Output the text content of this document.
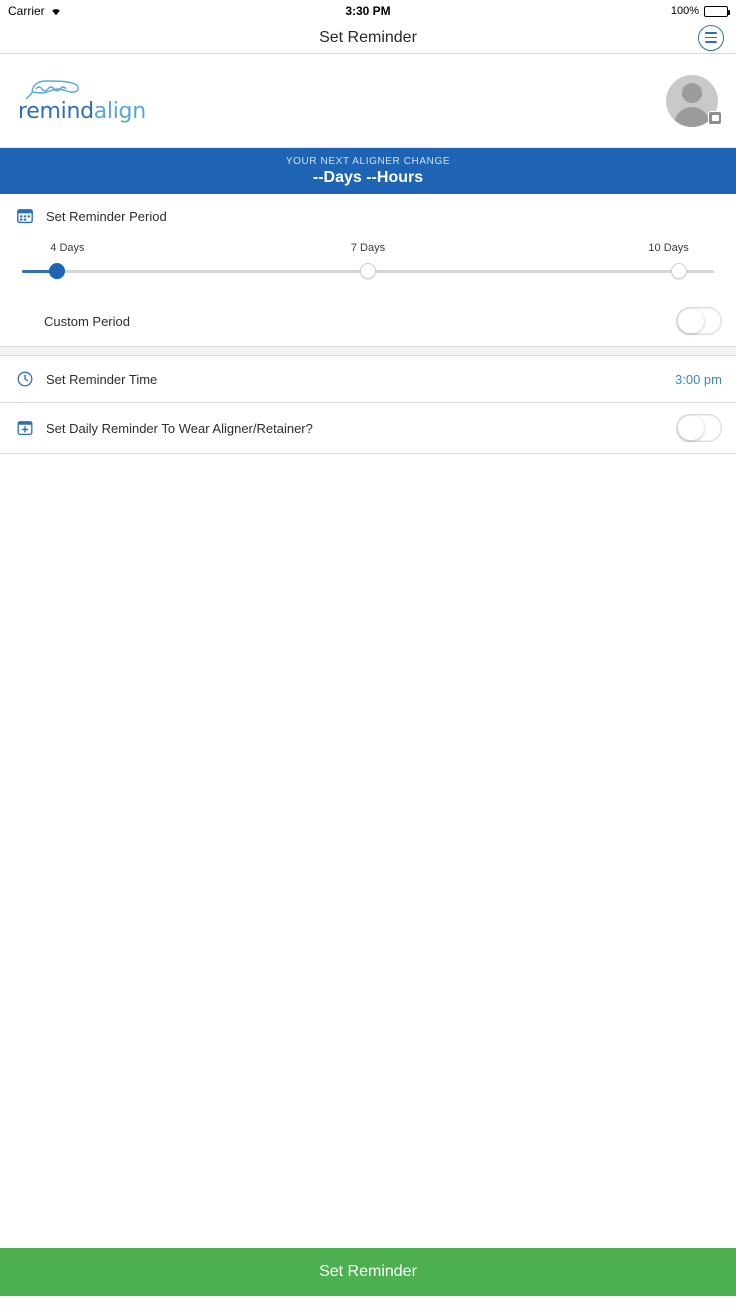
Carrier	3:30 PM	100%
Set Reminder
remindalign
YOUR NEXT ALIGNER CHANGE
--Days --Hours
Set Reminder Period
4 Days	7 Days	10 Days
Custom Period
Set Reminder Time	3:00 pm
Set Daily Reminder To Wear Aligner/Retainer?
Set Reminder
